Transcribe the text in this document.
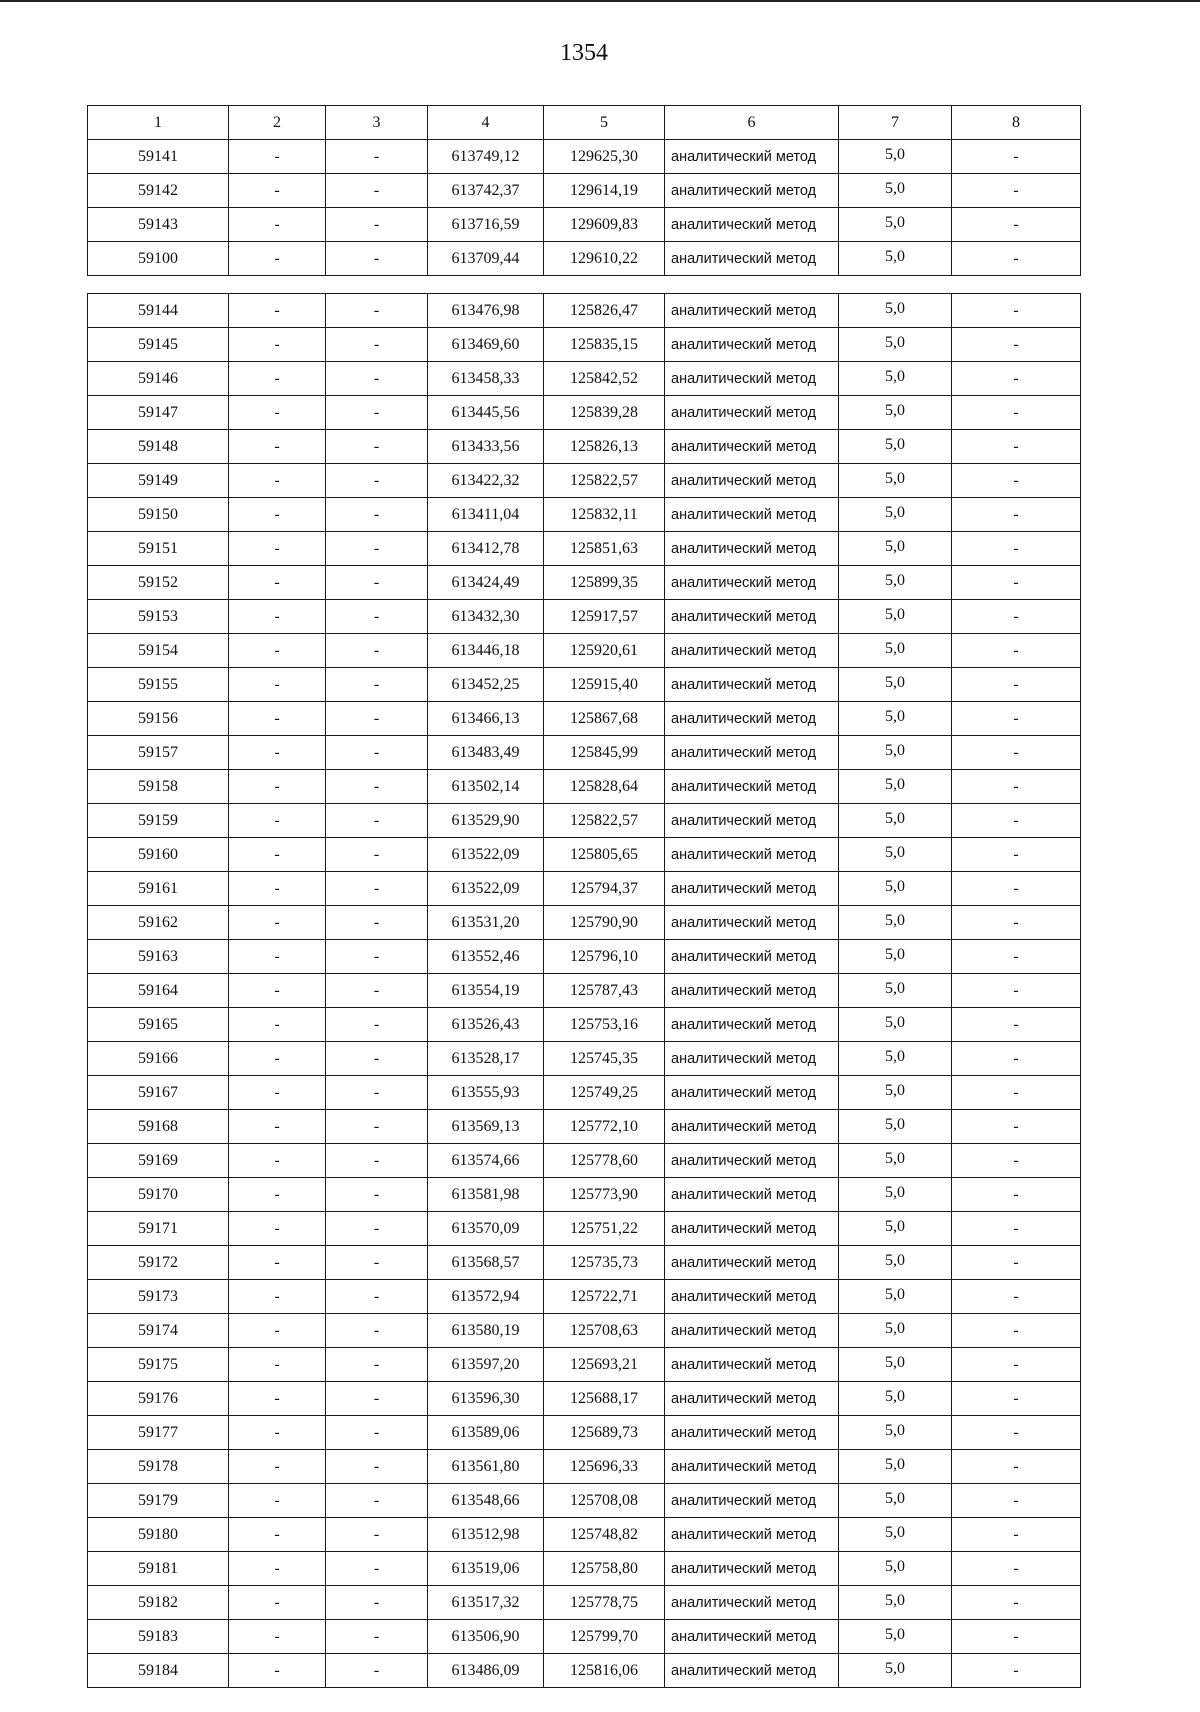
1354
1	2	3	4	5	6	7	8
59141	-	-	613749,12	129625,30	аналитический метод	5,0	-
59142	-	-	613742,37	129614,19	аналитический метод	5,0	-
59143	-	-	613716,59	129609,83	аналитический метод	5,0	-
59100	-	-	613709,44	129610,22	аналитический метод	5,0	-
59144	-	-	613476,98	125826,47	аналитический метод	5,0	-
59145	-	-	613469,60	125835,15	аналитический метод	5,0	-
59146	-	-	613458,33	125842,52	аналитический метод	5,0	-
59147	-	-	613445,56	125839,28	аналитический метод	5,0	-
59148	-	-	613433,56	125826,13	аналитический метод	5,0	-
59149	-	-	613422,32	125822,57	аналитический метод	5,0	-
59150	-	-	613411,04	125832,11	аналитический метод	5,0	-
59151	-	-	613412,78	125851,63	аналитический метод	5,0	-
59152	-	-	613424,49	125899,35	аналитический метод	5,0	-
59153	-	-	613432,30	125917,57	аналитический метод	5,0	-
59154	-	-	613446,18	125920,61	аналитический метод	5,0	-
59155	-	-	613452,25	125915,40	аналитический метод	5,0	-
59156	-	-	613466,13	125867,68	аналитический метод	5,0	-
59157	-	-	613483,49	125845,99	аналитический метод	5,0	-
59158	-	-	613502,14	125828,64	аналитический метод	5,0	-
59159	-	-	613529,90	125822,57	аналитический метод	5,0	-
59160	-	-	613522,09	125805,65	аналитический метод	5,0	-
59161	-	-	613522,09	125794,37	аналитический метод	5,0	-
59162	-	-	613531,20	125790,90	аналитический метод	5,0	-
59163	-	-	613552,46	125796,10	аналитический метод	5,0	-
59164	-	-	613554,19	125787,43	аналитический метод	5,0	-
59165	-	-	613526,43	125753,16	аналитический метод	5,0	-
59166	-	-	613528,17	125745,35	аналитический метод	5,0	-
59167	-	-	613555,93	125749,25	аналитический метод	5,0	-
59168	-	-	613569,13	125772,10	аналитический метод	5,0	-
59169	-	-	613574,66	125778,60	аналитический метод	5,0	-
59170	-	-	613581,98	125773,90	аналитический метод	5,0	-
59171	-	-	613570,09	125751,22	аналитический метод	5,0	-
59172	-	-	613568,57	125735,73	аналитический метод	5,0	-
59173	-	-	613572,94	125722,71	аналитический метод	5,0	-
59174	-	-	613580,19	125708,63	аналитический метод	5,0	-
59175	-	-	613597,20	125693,21	аналитический метод	5,0	-
59176	-	-	613596,30	125688,17	аналитический метод	5,0	-
59177	-	-	613589,06	125689,73	аналитический метод	5,0	-
59178	-	-	613561,80	125696,33	аналитический метод	5,0	-
59179	-	-	613548,66	125708,08	аналитический метод	5,0	-
59180	-	-	613512,98	125748,82	аналитический метод	5,0	-
59181	-	-	613519,06	125758,80	аналитический метод	5,0	-
59182	-	-	613517,32	125778,75	аналитический метод	5,0	-
59183	-	-	613506,90	125799,70	аналитический метод	5,0	-
59184	-	-	613486,09	125816,06	аналитический метод	5,0	-
